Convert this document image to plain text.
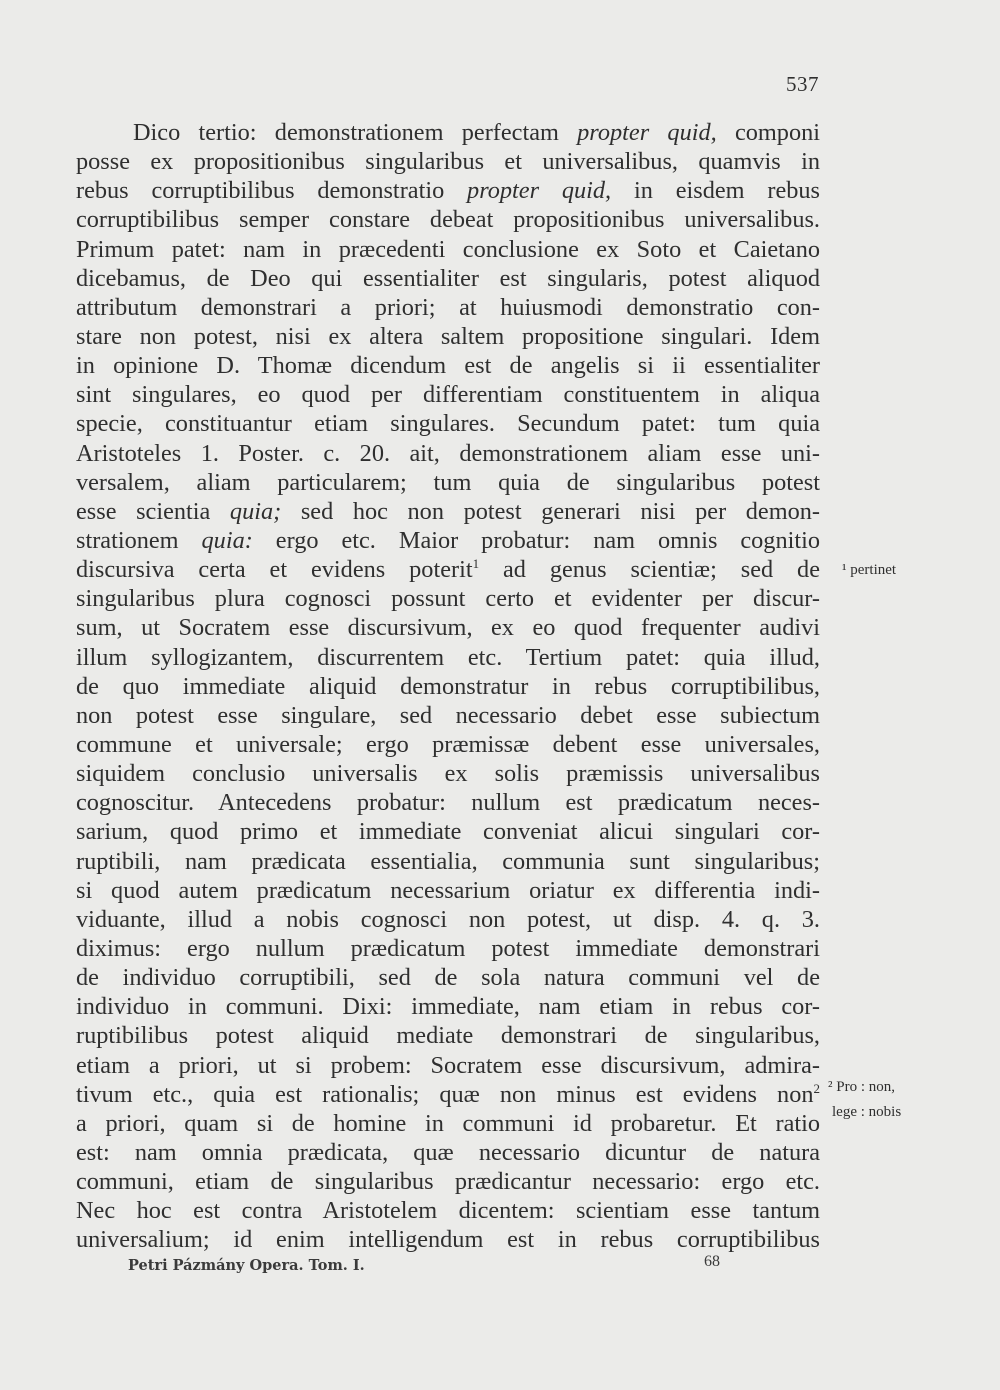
537
Dico tertio: demonstrationem perfectam propter quid, componi
posse ex propositionibus singularibus et universalibus, quamvis in
rebus corruptibilibus demonstratio propter quid, in eisdem rebus
corruptibilibus semper constare debeat propositionibus universalibus.
Primum patet: nam in præcedenti conclusione ex Soto et Caietano
dicebamus, de Deo qui essentialiter est singularis, potest aliquod
attributum demonstrari a priori; at huiusmodi demonstratio con-
stare non potest, nisi ex altera saltem propositione singulari. Idem
in opinione D. Thomæ dicendum est de angelis si ii essentialiter
sint singulares, eo quod per differentiam constituentem in aliqua
specie, constituantur etiam singulares. Secundum patet: tum quia
Aristoteles 1. Poster. c. 20. ait, demonstrationem aliam esse uni-
versalem, aliam particularem; tum quia de singularibus potest
esse scientia quia; sed hoc non potest generari nisi per demon-
strationem quia: ergo etc. Maior probatur: nam omnis cognitio
discursiva certa et evidens poterit$^1$ ad genus scientiæ; sed de
singularibus plura cognosci possunt certo et evidenter per discur-
sum, ut Socratem esse discursivum, ex eo quod frequenter audivi
illum syllogizantem, discurrentem etc. Tertium patet: quia illud,
de quo immediate aliquid demonstratur in rebus corruptibilibus,
non potest esse singulare, sed necessario debet esse subiectum
commune et universale; ergo præmissæ debent esse universales,
siquidem conclusio universalis ex solis præmissis universalibus
cognoscitur. Antecedens probatur: nullum est prædicatum neces-
sarium, quod primo et immediate conveniat alicui singulari cor-
ruptibili, nam prædicata essentialia, communia sunt singularibus;
si quod autem prædicatum necessarium oriatur ex differentia indi-
viduante, illud a nobis cognosci non potest, ut disp. 4. q. 3.
diximus: ergo nullum prædicatum potest immediate demonstrari
de individuo corruptibili, sed de sola natura communi vel de
individuo in communi. Dixi: immediate, nam etiam in rebus cor-
ruptibilibus potest aliquid mediate demonstrari de singularibus,
etiam a priori, ut si probem: Socratem esse discursivum, admira-
tivum etc., quia est rationalis; quæ non minus est evidens non$^2$
a priori, quam si de homine in communi id probaretur. Et ratio
est: nam omnia prædicata, quæ necessario dicuntur de natura
communi, etiam de singularibus prædicantur necessario: ergo etc.
Nec hoc est contra Aristotelem dicentem: scientiam esse tantum
universalium; id enim intelligendum est in rebus corruptibilibus
¹ pertinet
² Pro : non,
lege : nobis
Petri Pázmány Opera. Tom. I.	68
